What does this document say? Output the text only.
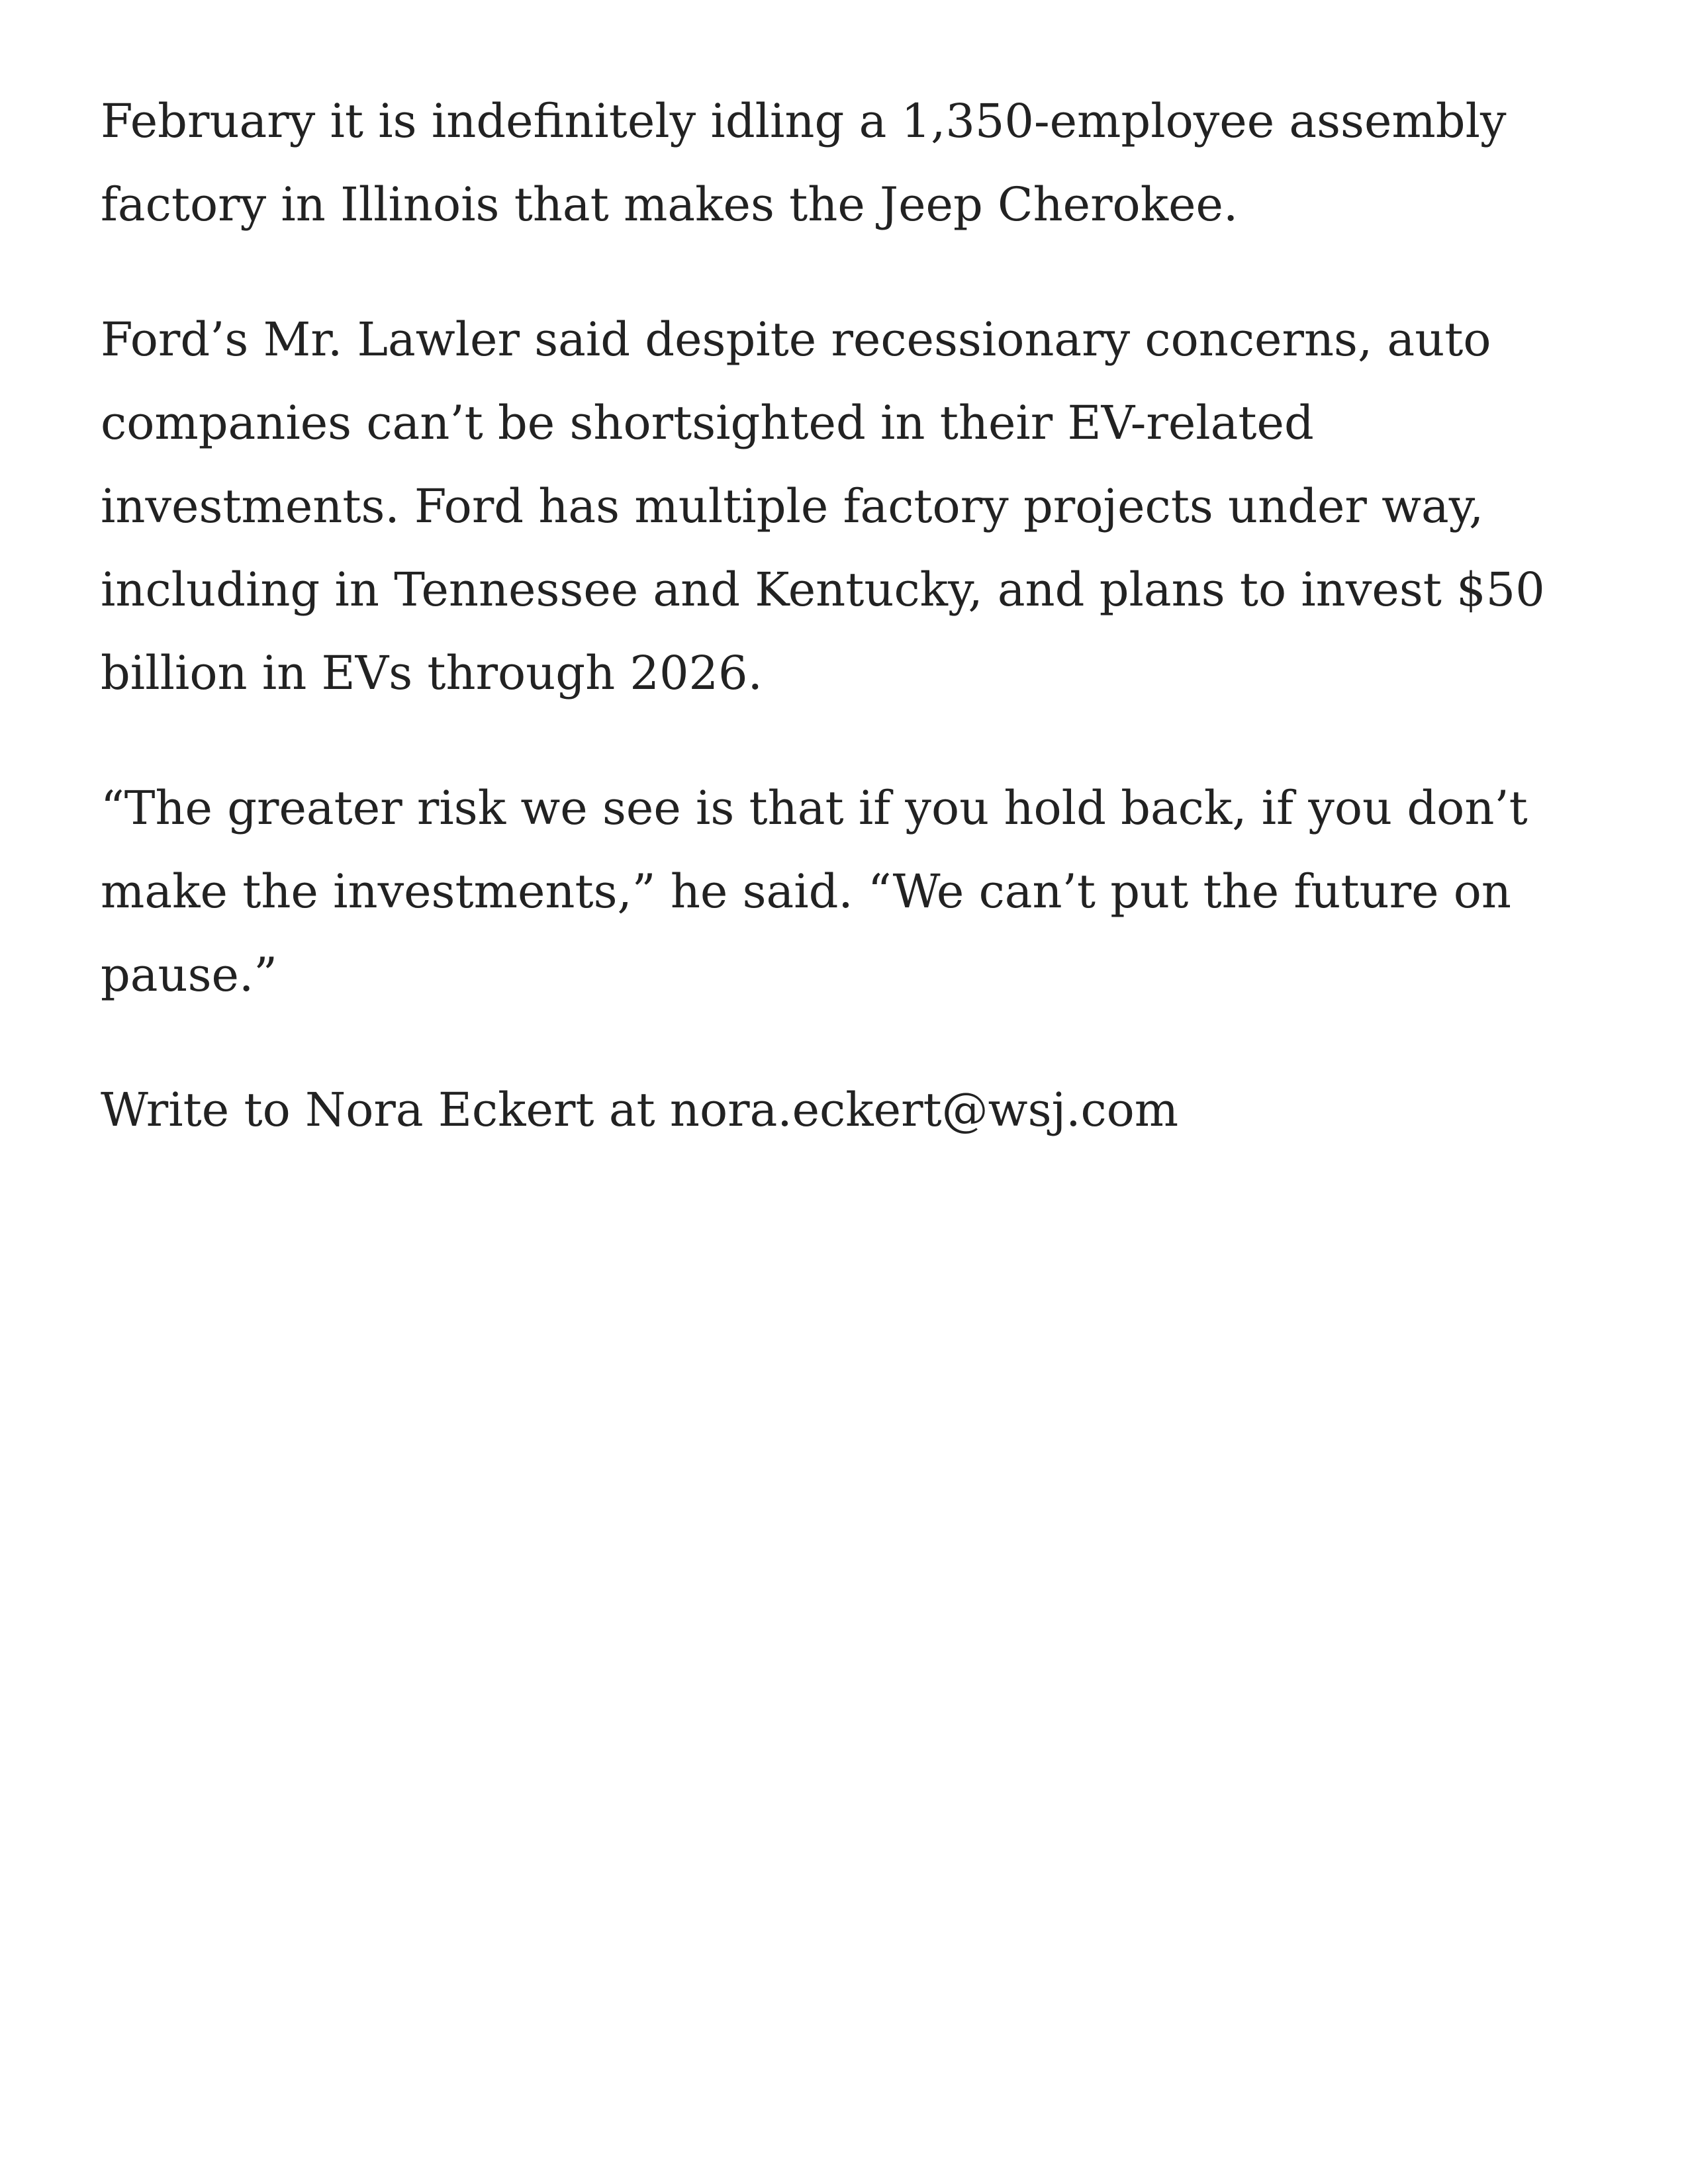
February it is indefinitely idling a 1,350-employee assembly
factory in Illinois that makes the Jeep Cherokee.

Ford’s Mr. Lawler said despite recessionary concerns, auto
companies can’t be shortsighted in their EV-related
investments. Ford has multiple factory projects under way,
including in Tennessee and Kentucky, and plans to invest $50
billion in EVs through 2026.

“The greater risk we see is that if you hold back, if you don’t
make the investments,” he said. “We can’t put the future on
pause.”

Write to Nora Eckert at nora.eckert@wsj.com
